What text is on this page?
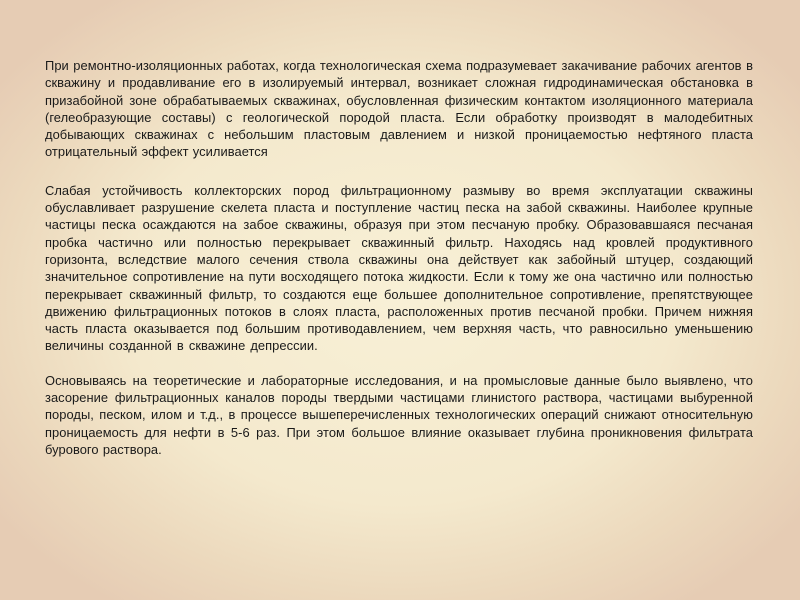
При ремонтно-изоляционных работах, когда технологическая схема подразумевает закачивание рабочих агентов в скважину и продавливание его в изолируемый интервал, возникает сложная гидродинамическая обстановка в призабойной зоне обрабатываемых скважинах, обусловленная физическим контактом изоляционного материала (гелеобразующие составы) с геологической породой пласта. Если обработку производят в малодебитных добывающих скважинах с небольшим пластовым давлением и низкой проницаемостью нефтяного пласта отрицательный эффект усиливается

Слабая устойчивость коллекторских пород фильтрационному размыву во время эксплуатации скважины обуславливает разрушение скелета пласта и поступление частиц песка на забой скважины. Наиболее крупные частицы песка осаждаются на забое скважины, образуя при этом песчаную пробку. Образовавшаяся песчаная пробка частично или полностью перекрывает скважинный фильтр. Находясь над кровлей продуктивного горизонта, вследствие малого сечения ствола скважины она действует как забойный штуцер, создающий значительное сопротивление на пути восходящего потока жидкости. Если к тому же она частично или полностью перекрывает скважинный фильтр, то создаются еще большее дополнительное сопротивление, препятствующее движению фильтрационных потоков в слоях пласта, расположенных против песчаной пробки. Причем нижняя часть пласта оказывается под большим противодавлением, чем верхняя часть, что равносильно уменьшению величины созданной в скважине депрессии.

Основываясь на теоретические и лабораторные исследования, и на промысловые данные было выявлено, что засорение фильтрационных каналов породы твердыми частицами глинистого раствора, частицами выбуренной породы, песком, илом и т.д., в процессе вышеперечисленных технологических операций снижают относительную проницаемость для нефти в 5-6 раз. При этом большое влияние оказывает глубина проникновения фильтрата бурового раствора.
